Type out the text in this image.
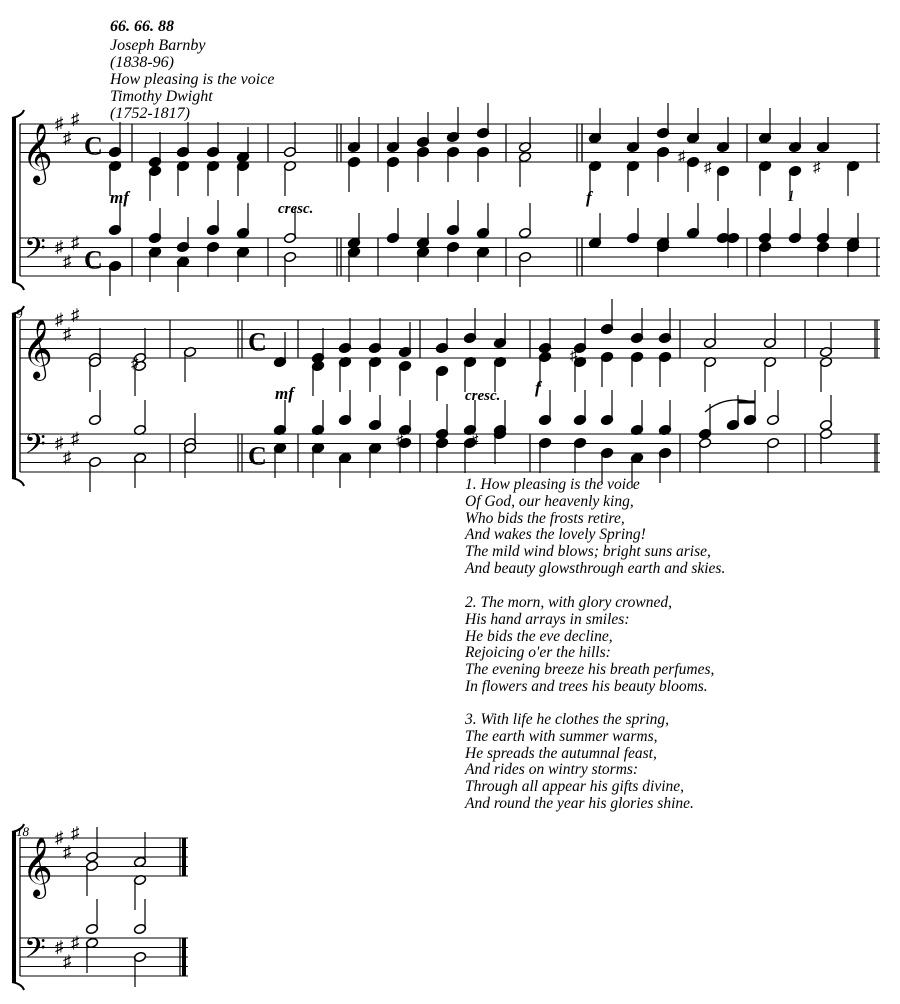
66. 66. 88
Joseph Barnby
(1838-96)
How pleasing is the voice
Timothy Dwight
(1752-1817)
𝄞
𝄢
♯
♯
♯
♯
♯
♯
C
C
𝄞
𝄢
♯
♯
♯
♯
♯
♯
𝄞
𝄢
♯
♯
♯
♯
♯
♯
C
C
♯
♯	♯
♯
♯
♯	♯
9
18
mf
cresc.
f	1
mf	cresc. f
1. How pleasing is the voice
Of God, our heavenly king,
Who bids the frosts retire,
And wakes the lovely Spring!
The mild wind blows; bright suns arise,
And beauty glowsthrough earth and skies.
2. The morn, with glory crowned,
His hand arrays in smiles:
He bids the eve decline,
Rejoicing o'er the hills:
The evening breeze his breath perfumes,
In flowers and trees his beauty blooms.
3. With life he clothes the spring,
The earth with summer warms,
He spreads the autumnal feast,
And rides on wintry storms:
Through all appear his gifts divine,
And round the year his glories shine.
